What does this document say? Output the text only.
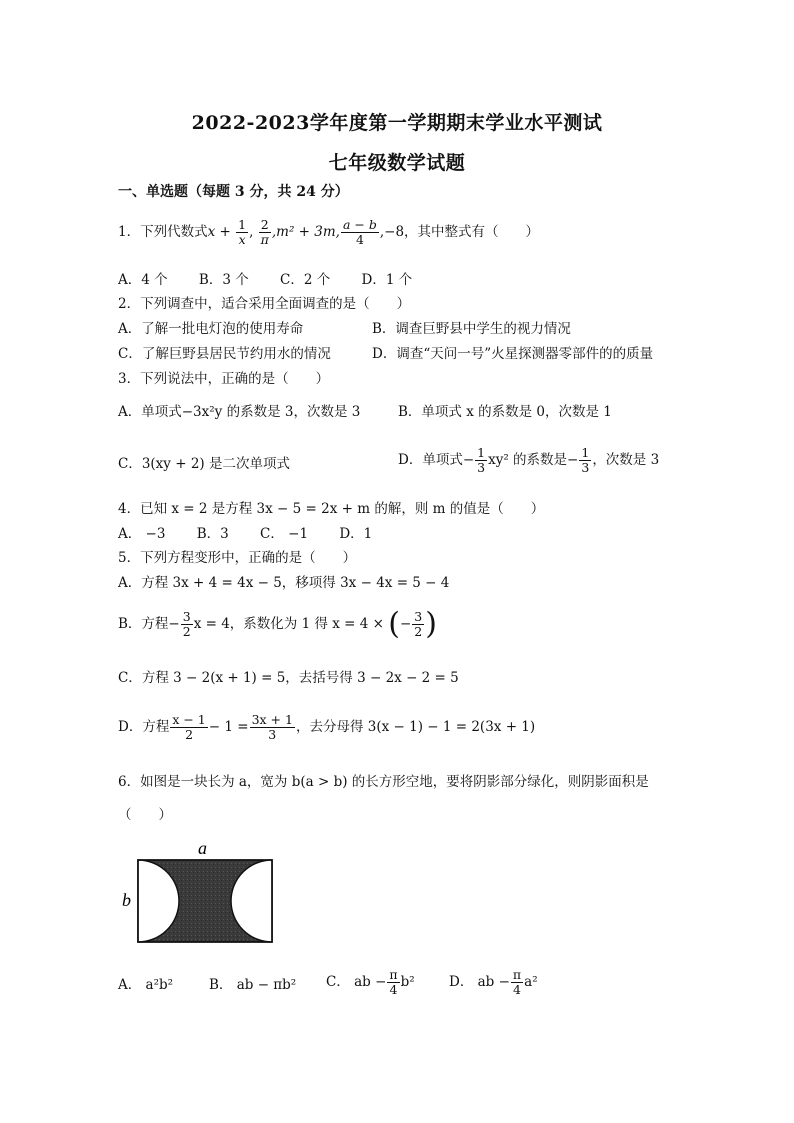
2022-2023学年度第一学期期末学业水平测试
七年级数学试题
一、单选题（每题 3 分，共 24 分）
1．下列代数式$x + \frac{1}{x}$ , $\frac{2}{\pi} ,m^2 + 3m$, $\frac{a - b}{4} ,-8$，其中整式有（　　）
A．4 个　　 B．3 个　　 C．2 个　　 D．1 个
2．下列调查中，适合采用全面调查的是（　　）
A．了解一批电灯泡的使用寿命	B．调查巨野县中学生的视力情况
C．了解巨野县居民节约用水的情况	D．调查“天问一号”火星探测器零部件的的质量
3．下列说法中，正确的是（　　）
A．单项式−3x²y 的系数是 3，次数是 3	B．单项式 x 的系数是 0，次数是 1
C．3(xy + 2) 是二次单项式	D．单项式− $\frac{1}{3} xy^2$ 的系数是− $\frac{1}{3}$ ，次数是 3
4．已知 x = 2 是方程 3x − 5 = 2x + m 的解，则 m 的值是（　　）
A． −3　　 B．3　　 C． −1　　 D．1
5．下列方程变形中，正确的是（　　）
A．方程 3x + 4 = 4x − 5，移项得 3x − 4x = 5 − 4
B．方程− $\frac{3}{2}$ x = 4，系数化为 1 得 x = 4 × (− $\frac{3}{2}$ )
C．方程 3 − 2(x + 1) = 5，去括号得 3 − 2x − 2 = 5
D．方程 $\frac{x - 1}{2} - 1 = \frac{3x + 1}{3}$ ，去分母得 3(x − 1) − 1 = 2(3x + 1)
6．如图是一块长为 a，宽为 b(a > b) 的长方形空地，要将阴影部分绿化，则阴影面积是
（　　）
a
b
A． a²b²	B． ab − πb² C． ab − $\frac{\pi}{4} b^2$	D． ab − $\frac{\pi}{4} a^2$
